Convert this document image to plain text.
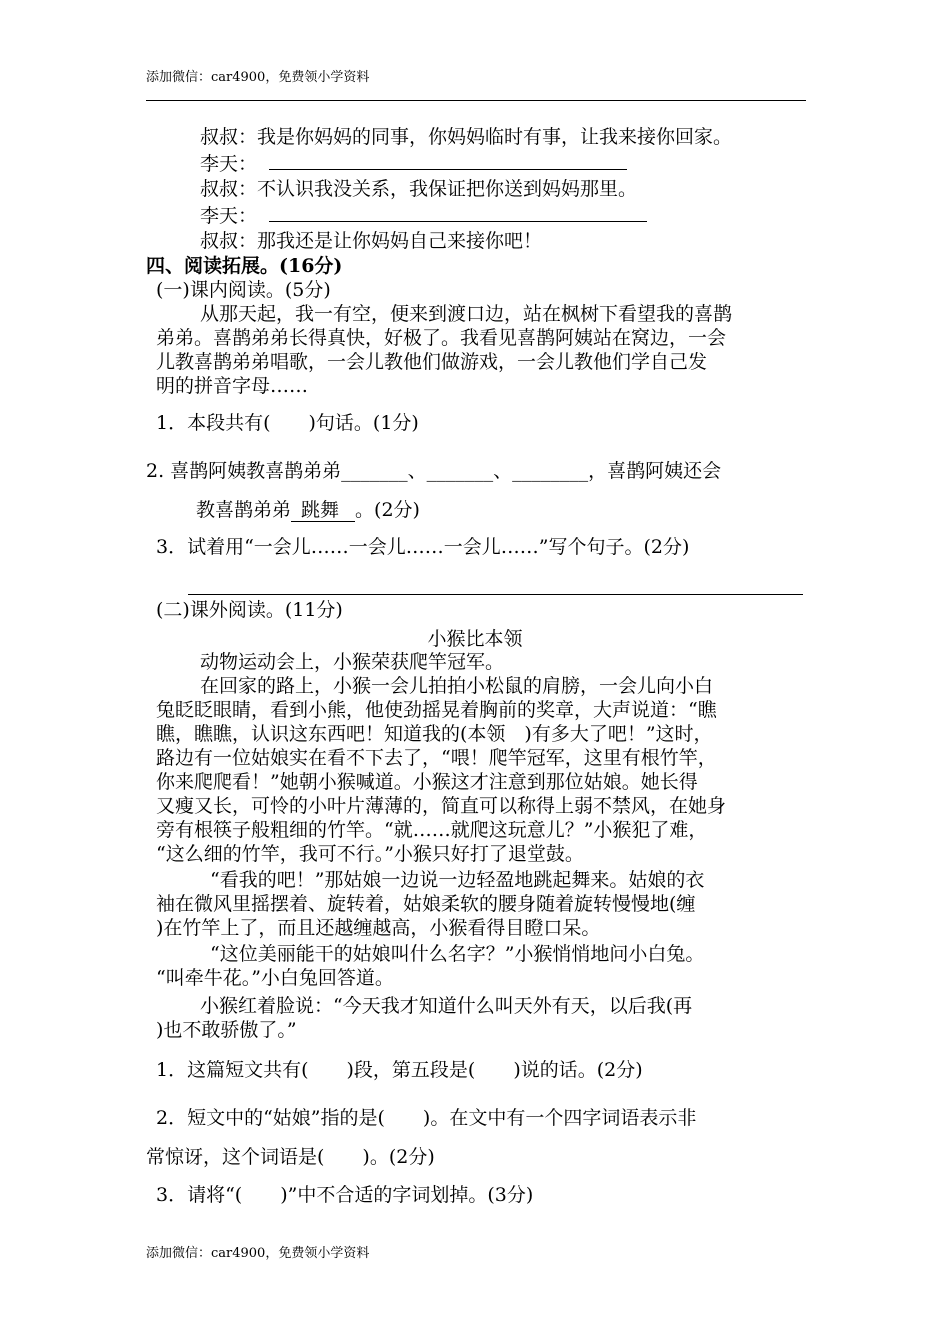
添加微信：car4900，免费领小学资料
叔叔：我是你妈妈的同事，你妈妈临时有事，让我来接你回家。
李天：
叔叔：不认识我没关系，我保证把你送到妈妈那里。
李天：
叔叔：那我还是让你妈妈自己来接你吧！
四、阅读拓展。(16分)
(一)课内阅读。(5分)
从那天起，我一有空，便来到渡口边，站在枫树下看望我的喜鹊
弟弟。喜鹊弟弟长得真快，好极了。我看见喜鹊阿姨站在窝边，一会
儿教喜鹊弟弟唱歌，一会儿教他们做游戏，一会儿教他们学自己发
明的拼音字母……
1．本段共有(　　)句话。(1分)
2. 喜鹊阿姨教喜鹊弟弟_______、_______、________，喜鹊阿姨还会
教喜鹊弟弟 跳舞 。(2分)
3．试着用“一会儿……一会儿……一会儿……”写个句子。(2分)
(二)课外阅读。(11分)
小猴比本领
动物运动会上，小猴荣获爬竿冠军。
在回家的路上，小猴一会儿拍拍小松鼠的肩膀，一会儿向小白
兔眨眨眼睛，看到小熊，他使劲摇晃着胸前的奖章，大声说道：“瞧
瞧，瞧瞧，认识这东西吧！知道我的(本领　)有多大了吧！”这时，
路边有一位姑娘实在看不下去了，“喂！爬竿冠军，这里有根竹竿，
你来爬爬看！”她朝小猴喊道。小猴这才注意到那位姑娘。她长得
又瘦又长，可怜的小叶片薄薄的，简直可以称得上弱不禁风，在她身
旁有根筷子般粗细的竹竿。“就……就爬这玩意儿？”小猴犯了难，
“这么细的竹竿，我可不行。”小猴只好打了退堂鼓。
“看我的吧！”那姑娘一边说一边轻盈地跳起舞来。姑娘的衣
袖在微风里摇摆着、旋转着，姑娘柔软的腰身随着旋转慢慢地(缠
)在竹竿上了，而且还越缠越高，小猴看得目瞪口呆。
“这位美丽能干的姑娘叫什么名字？”小猴悄悄地问小白兔。
“叫牵牛花。”小白兔回答道。
小猴红着脸说：“今天我才知道什么叫天外有天，以后我(再
)也不敢骄傲了。”
1．这篇短文共有(　　)段，第五段是(　　)说的话。(2分)
2．短文中的“姑娘”指的是(　　)。在文中有一个四字词语表示非
常惊讶，这个词语是(　　)。(2分)
3．请将“(　　)”中不合适的字词划掉。(3分)
添加微信：car4900，免费领小学资料
